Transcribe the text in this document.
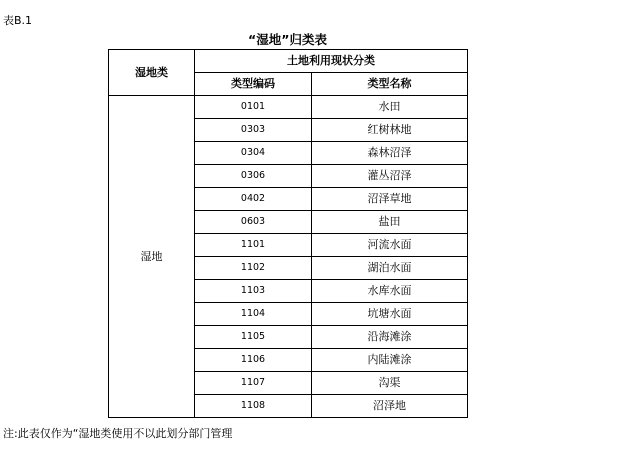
表B.1
“湿地”归类表
湿地类	土地利用现状分类	
	类型编码	类型名称
湿地	0101	水田
	0303	红树林地
	0304	森林沼泽
	0306	灌丛沼泽
	0402	沼泽草地
	0603	盐田
	1101	河流水面
	1102	湖泊水面
	1103	水库水面
	1104	坑塘水面
	1105	沿海滩涂
	1106	内陆滩涂
	1107	沟渠
	1108	沼泽地
注:此表仅作为“湿地类使用不以此划分部门管理
